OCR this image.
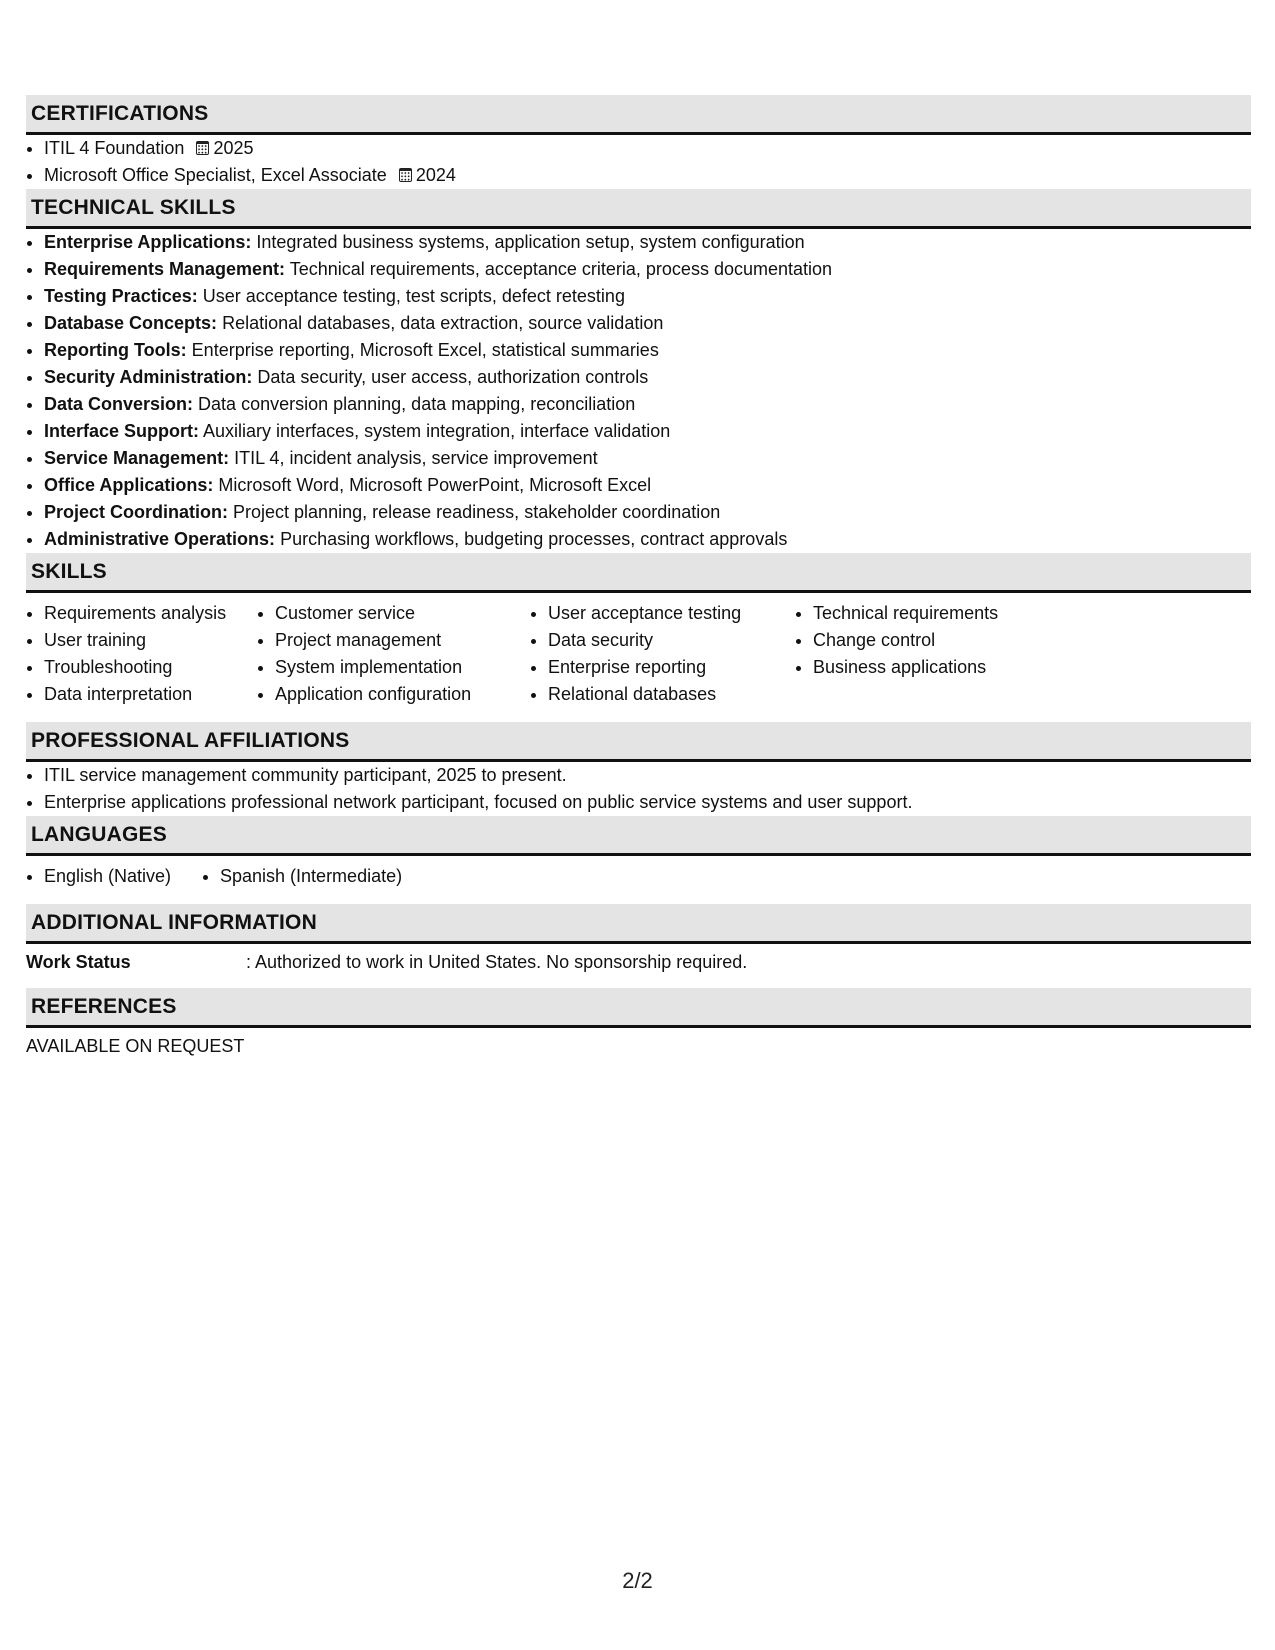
CERTIFICATIONS
• ITIL 4 Foundation 2025
• Microsoft Office Specialist, Excel Associate 2024
TECHNICAL SKILLS
• Enterprise Applications: Integrated business systems, application setup, system configuration
• Requirements Management: Technical requirements, acceptance criteria, process documentation
• Testing Practices: User acceptance testing, test scripts, defect retesting
• Database Concepts: Relational databases, data extraction, source validation
• Reporting Tools: Enterprise reporting, Microsoft Excel, statistical summaries
• Security Administration: Data security, user access, authorization controls
• Data Conversion: Data conversion planning, data mapping, reconciliation
• Interface Support: Auxiliary interfaces, system integration, interface validation
• Service Management: ITIL 4, incident analysis, service improvement
• Office Applications: Microsoft Word, Microsoft PowerPoint, Microsoft Excel
• Project Coordination: Project planning, release readiness, stakeholder coordination
• Administrative Operations: Purchasing workflows, budgeting processes, contract approvals
SKILLS
• Requirements analysis
• User training
• Troubleshooting
• Data interpretation
• Customer service
• Project management
• System implementation
• Application configuration
• User acceptance testing
• Data security
• Enterprise reporting
• Relational databases
• Technical requirements
• Change control
• Business applications
PROFESSIONAL AFFILIATIONS
• ITIL service management community participant, 2025 to present.
• Enterprise applications professional network participant, focused on public service systems and user support.
LANGUAGES
• English (Native)
•	Spanish (Intermediate)
ADDITIONAL INFORMATION
Work Status	: Authorized to work in United States. No sponsorship required.
REFERENCES
AVAILABLE ON REQUEST
2/2
